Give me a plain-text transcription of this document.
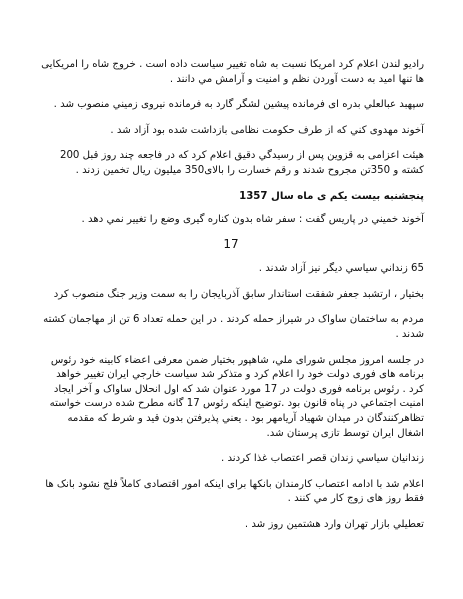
رادیو لندن اعلام کرد امریکا نسبت به شاه تغییر سیاست داده است . خروج شاه را امریکایی ها تنها امید به دست آوردن نظم و امنیت و آرامش مي دانند .

سپهبد عبالعلي بدره ای فرمانده پیشین لشگر گارد به فرمانده نیروی زمیني منصوب شد .

آخوند مهدوی کني که از طرف حکومت نظامی بازداشت شده بود آزاد شد .

هیئت اعزامی به قزوین پس از رسیدگي دقیق اعلام کرد که در فاجعه چند روز قبل 200 کشته و 350تن مجروح شدند و رقم خسارت را بالای350 میلیون ریال تخمین زدند .

پنجشنبه بیست یکم ی ماه سال 1357

آخوند خمیني در پاریس گفت : سفر شاه بدون کناره گیری وضع را تغییر نمي دهد .

17

65 زنداني سیاسي دیگر نیز آزاد شدند .

بختیار ، ارتشبد جعفر شفقت استاندار سابق آذربایجان را به سمت وزیر جنگ منصوب کرد

مردم به ساختمان ساواک در شیراز حمله کردند . در این حمله تعداد 6 تن از مهاجمان کشته شدند .

در جلسه امروز مجلس شورای ملي، شاهپور بختیار ضمن معرفی اعضاء کابینه خود رئوس برنامه های فوری دولت خود را اعلام کرد و متذکر شد سیاست خارجي ایران تغییر خواهد کرد . رئوس برنامه فوری دولت در 17 مورد عنوان شد که اول انحلال ساواک و آخر ایجاد امنیت اجتماعي در پناه قانون بود .توضیح اینکه رئوس 17 گانه مطرح شده درست خواسته تظاهرکنندگان در میدان شهیاد آریامهر بود . یعني پذیرفتن بدون قید و شرط که مقدمه اشغال ایران توسط تازی پرستان شد.

زندانیان سیاسي زندان قصر اعتصاب غذا کردند .

اعلام شد با ادامه اعتصاب کارمندان بانکها برای اینکه امور اقتصادی کاملاً فلج نشود بانک ها فقط روز های زوج کار مي کنند .

تعطیلي بازار تهران وارد هشتمین روز شد .
